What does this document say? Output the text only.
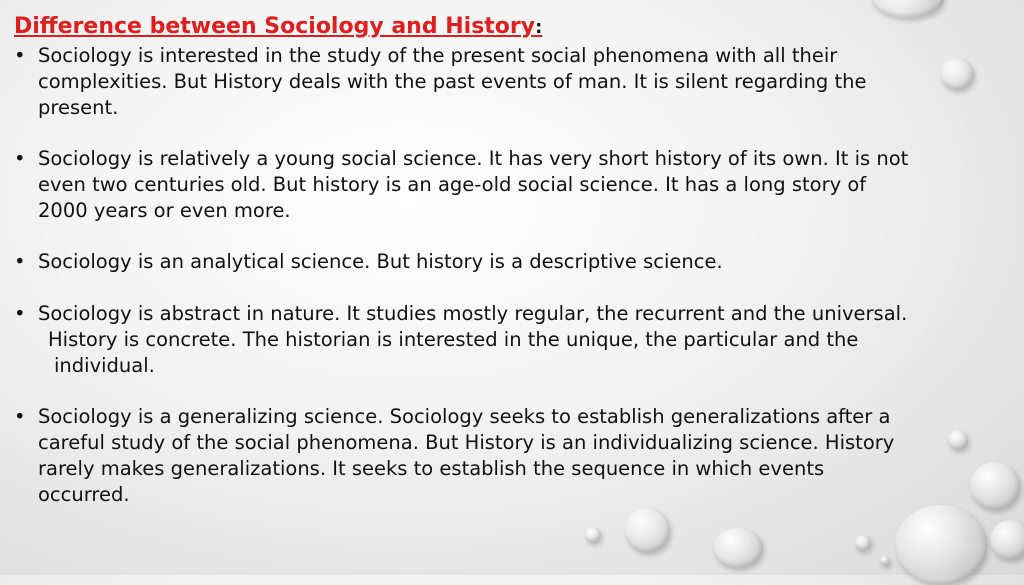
Difference between Sociology and History:
• Sociology is interested in the study of the present social phenomena with all their complexities. But History deals with the past events of man. It is silent regarding the present.
• Sociology is relatively a young social science. It has very short history of its own. It is not even two centuries old. But history is an age-old social science. It has a long story of 2000 years or even more.
• Sociology is an analytical science. But history is a descriptive science.
• Sociology is abstract in nature. It studies mostly regular, the recurrent and the universal.
History is concrete. The historian is interested in the unique, the particular and the
individual.
• Sociology is a generalizing science. Sociology seeks to establish generalizations after a careful study of the social phenomena. But History is an individualizing science. History rarely makes generalizations. It seeks to establish the sequence in which events occurred.
